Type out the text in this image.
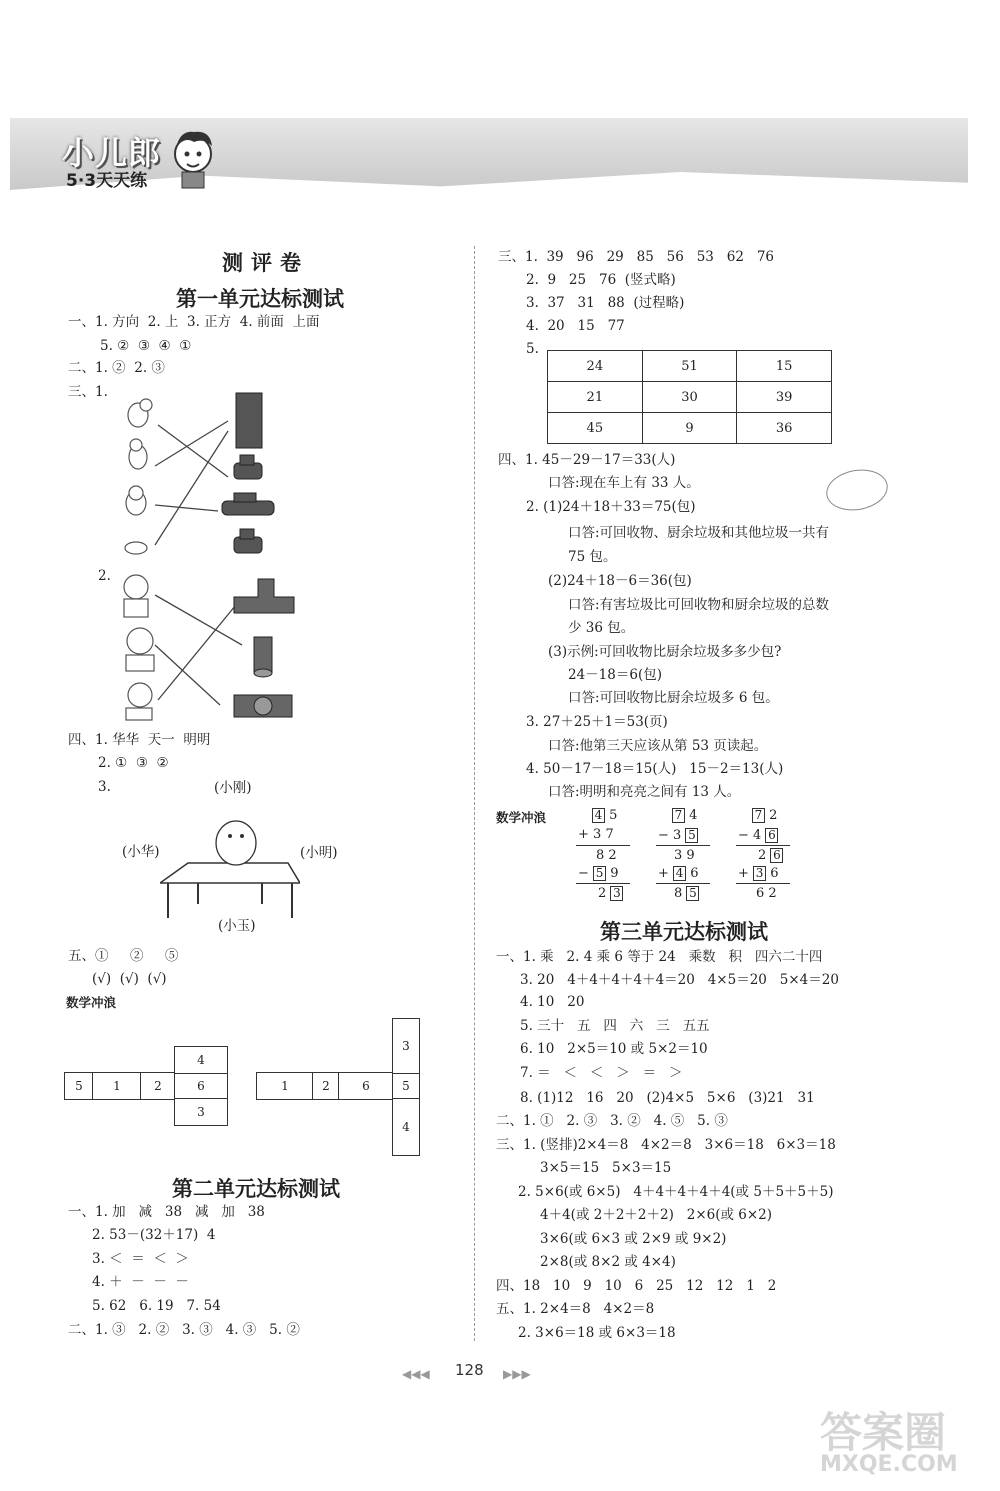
小儿郎
5·3天天练
测评卷
第一单元达标测试
一、1. 方向  2. 上  3. 正方  4. 前面  上面
5. ②  ③  ④  ①
二、1. ②  2. ③
三、1.
2.
四、1. 华华  天一  明明
2. ①  ③  ②
3.	(小刚)
(小华)	(小明)
(小玉)
五、①     ②     ⑤
(√)  (√)  (√)
数学冲浪
5	1	2	6
4
3
1	2	6	5
3
4
第二单元达标测试
一、1. 加   减   38   减   加   38
2. 53－(32＋17)  4
3. ＜  ＝  ＜  ＞
4. ＋  －  －  －
5. 62   6. 19   7. 54
二、1. ③   2. ②   3. ③   4. ③   5. ②
三、1.  39   96   29   85   56   53   62   76
2.  9   25   76  (竖式略)
3.  37   31   88  (过程略)
4.  20   15   77
5.
24	51	15
21	30	39
45	9	36
​
四、1. 45－29－17＝33(人)
口答:现在车上有 33 人。
2. (1)24＋18＋33＝75(包)
口答:可回收物、厨余垃圾和其他垃圾一共有
75 包。
(2)24＋18－6＝36(包)
口答:有害垃圾比可回收物和厨余垃圾的总数
少 36 包。
(3)示例:可回收物比厨余垃圾多多少包?
24－18＝6(包)
口答:可回收物比厨余垃圾多 6 包。
3. 27＋25＋1＝53(页)
口答:他第三天应该从第 53 页读起。
4. 50－17－18＝15(人)   15－2＝13(人)
口答:明明和亮亮之间有 13 人。
数学冲浪	4 5
+ 3 7
8 2
− 5 9
2 3
7 4
− 3 5
3 9
+ 4 6
8 5
7 2
− 4 6
2 6
+ 3 6
6 2
第三单元达标测试
一、1. 乘   2. 4 乘 6 等于 24   乘数   积   四六二十四
3. 20   4＋4＋4＋4＋4＝20   4×5＝20   5×4＝20
4. 10   20
5. 三十   五   四   六   三   五五
6. 10   2×5＝10 或 5×2＝10
7. ＝   ＜   ＜   ＞   ＝   ＞
8. (1)12   16   20   (2)4×5   5×6   (3)21   31
二、1. ①   2. ③   3. ②   4. ⑤   5. ③
三、1. (竖排)2×4＝8   4×2＝8   3×6＝18   6×3＝18
3×5＝15   5×3＝15
2. 5×6(或 6×5)   4＋4＋4＋4＋4(或 5＋5＋5＋5)
4＋4(或 2＋2＋2＋2)   2×6(或 6×2)
3×6(或 6×3 或 2×9 或 9×2)
2×8(或 8×2 或 4×4)
四、18   10   9   10   6   25   12   12   1   2
五、1. 2×4＝8   4×2＝8
2. 3×6＝18 或 6×3＝18
◀◀◀ 128 ▶▶▶
答案圈
MXQE.COM
